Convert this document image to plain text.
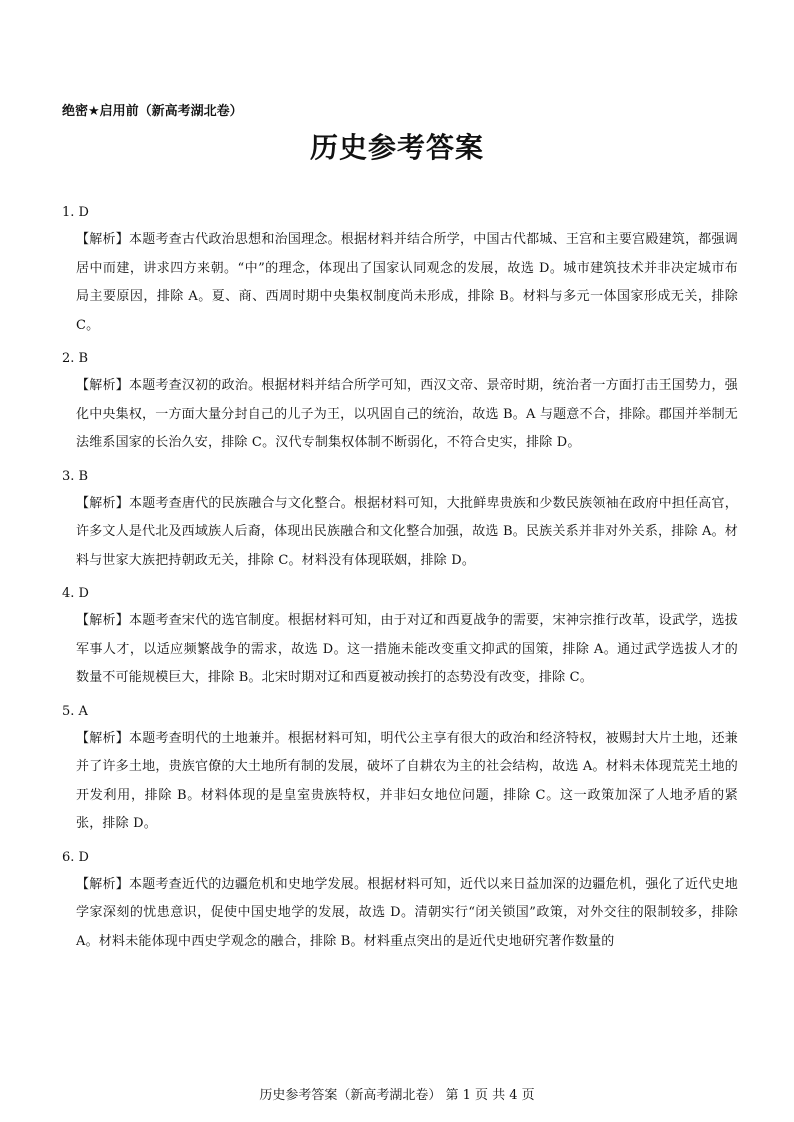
绝密★启用前（新高考湖北卷）
历史参考答案
1. D

【解析】本题考查古代政治思想和治国理念。根据材料并结合所学，中国古代都城、王宫和主要宫殿建筑，都强调居中而建，讲求四方来朝。“中”的理念，体现出了国家认同观念的发展，故选 D。城市建筑技术并非决定城市布局主要原因，排除 A。夏、商、西周时期中央集权制度尚未形成，排除 B。材料与多元一体国家形成无关，排除 C。

2. B

【解析】本题考查汉初的政治。根据材料并结合所学可知，西汉文帝、景帝时期，统治者一方面打击王国势力，强化中央集权，一方面大量分封自己的儿子为王，以巩固自己的统治，故选 B。A 与题意不合，排除。郡国并举制无法维系国家的长治久安，排除 C。汉代专制集权体制不断弱化，不符合史实，排除 D。

3. B

【解析】本题考查唐代的民族融合与文化整合。根据材料可知，大批鲜卑贵族和少数民族领袖在政府中担任高官，许多文人是代北及西域族人后裔，体现出民族融合和文化整合加强，故选 B。民族关系并非对外关系，排除 A。材料与世家大族把持朝政无关，排除 C。材料没有体现联姻，排除 D。

4. D

【解析】本题考查宋代的选官制度。根据材料可知，由于对辽和西夏战争的需要，宋神宗推行改革，设武学，选拔军事人才，以适应频繁战争的需求，故选 D。这一措施未能改变重文抑武的国策，排除 A。通过武学选拔人才的数量不可能规模巨大，排除 B。北宋时期对辽和西夏被动挨打的态势没有改变，排除 C。

5. A

【解析】本题考查明代的土地兼并。根据材料可知，明代公主享有很大的政治和经济特权，被赐封大片土地，还兼并了许多土地，贵族官僚的大土地所有制的发展，破坏了自耕农为主的社会结构，故选 A。材料未体现荒芜土地的开发利用，排除 B。材料体现的是皇室贵族特权，并非妇女地位问题，排除 C。这一政策加深了人地矛盾的紧张，排除 D。

6. D

【解析】本题考查近代的边疆危机和史地学发展。根据材料可知，近代以来日益加深的边疆危机，强化了近代史地学家深刻的忧患意识，促使中国史地学的发展，故选 D。清朝实行“闭关锁国”政策，对外交往的限制较多，排除 A。材料未能体现中西史学观念的融合，排除 B。材料重点突出的是近代史地研究著作数量的

历史参考答案（新高考湖北卷） 第 1 页 共 4 页
